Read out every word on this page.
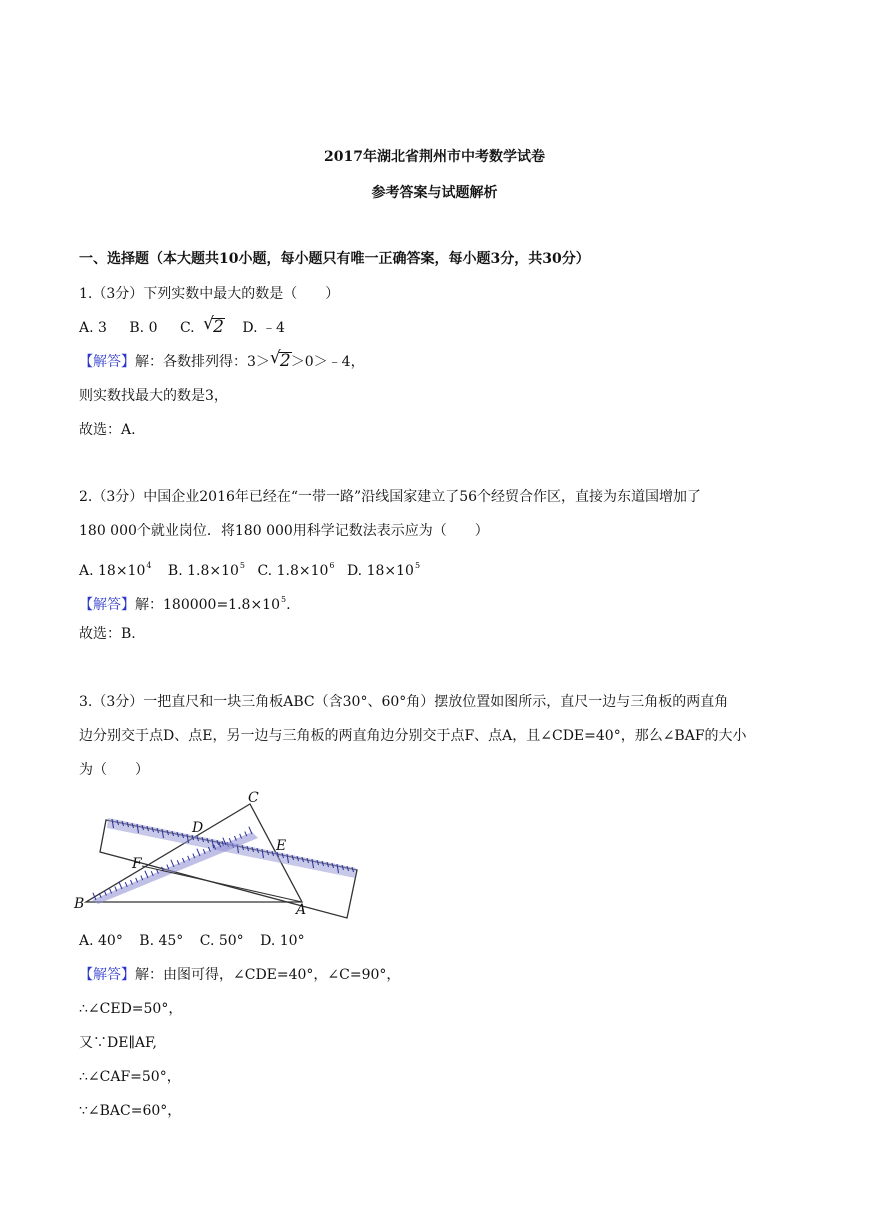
2017年湖北省荆州市中考数学试卷
参考答案与试题解析
一、选择题（本大题共10小题，每小题只有唯一正确答案，每小题3分，共30分）
1.（3分）下列实数中最大的数是（　　）
A. 3 B. 0 C. √ 2 D. ﹣4
【解答】解：各数排列得：3＞ √ 2＞0＞﹣4，
则实数找最大的数是3，
故选：A.
2.（3分）中国企业2016年已经在“一带一路”沿线国家建立了56个经贸合作区，直接为东道国增加了
180 000个就业岗位．将180 000用科学记数法表示应为（　　）
A. $18\times 10^4$ B. $1.8\times 10^5$ C. $1.8\times 10^6$ D. $18\times 10^5$
【解答】解：$180000=1.8\times 10^5$.
故选：B.
3.（3分）一把直尺和一块三角板ABC（含30°、60°角）摆放位置如图所示，直尺一边与三角板的两直角
边分别交于点D、点E，另一边与三角板的两直角边分别交于点F、点A，且∠CDE=40°，那么∠BAF的大小
为（　　）
B	A
C
D
E
F
A. 40° B. 45° C. 50° D. 10°
【解答】解：由图可得，∠CDE=40°，∠C=90°，
∴∠CED=50°，
又∵DE∥AF,
∴∠CAF=50°，
∵∠BAC=60°，
